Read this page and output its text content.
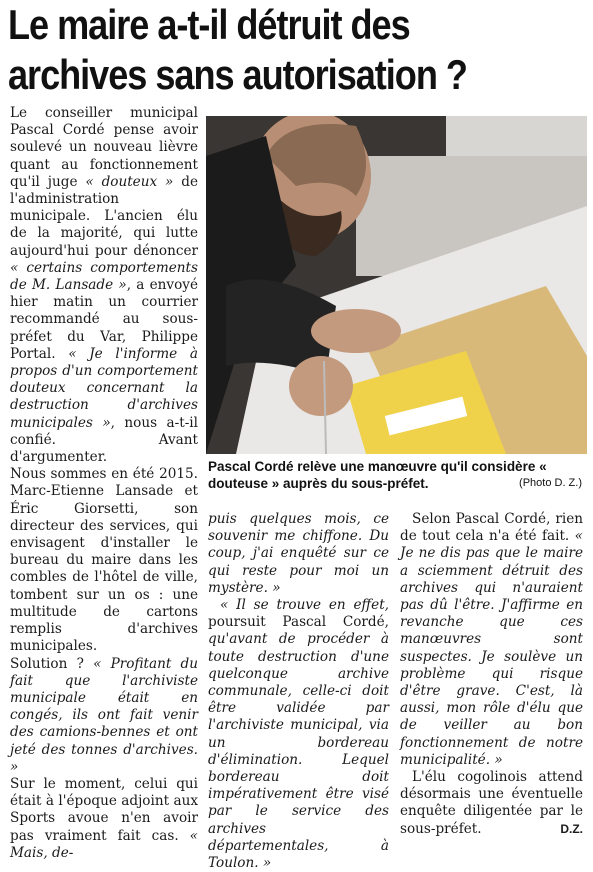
Le maire a-t-il détruit des
archives sans autorisation ?

Le conseiller municipal Pascal Cordé pense avoir soulevé un nouveau lièvre quant au fonctionnement qu'il juge « douteux » de l'administration municipale. L'ancien élu de la majorité, qui lutte aujourd'hui pour dénoncer « certains comportements de M. Lansade », a envoyé hier matin un courrier recommandé au sous-préfet du Var, Philippe Portal. « Je l'informe à propos d'un comportement douteux concernant la destruction d'archives municipales », nous a-t-il confié. Avant d'argumenter.

Nous sommes en été 2015. Marc-Etienne Lansade et Éric Giorsetti, son directeur des services, qui envisagent d'installer le bureau du maire dans les combles de l'hôtel de ville, tombent sur un os : une multitude de cartons remplis d'archives municipales.

Solution ? « Profitant du fait que l'archiviste municipale était en congés, ils ont fait venir des camions-bennes et ont jeté des tonnes d'archives. »

Sur le moment, celui qui était à l'époque adjoint aux Sports avoue n'en avoir pas vraiment fait cas. « Mais, de-

Pascal Cordé relève une manœuvre qu'il considère « douteuse » auprès du sous-préfet.	(Photo D. Z.)

puis quelques mois, ce souvenir me chiffone. Du coup, j'ai enquêté sur ce qui reste pour moi un mystère. »

« Il se trouve en effet, poursuit Pascal Cordé, qu'avant de procéder à toute destruction d'une quelconque archive communale, celle-ci doit être validée par l'archiviste municipal, via un bordereau d'élimination. Lequel bordereau doit impérativement être visé par le service des archives départementales, à Toulon. »

Selon Pascal Cordé, rien de tout cela n'a été fait. « Je ne dis pas que le maire a sciemment détruit des archives qui n'auraient pas dû l'être. J'affirme en revanche que ces manœuvres sont suspectes. Je soulève un problème qui risque d'être grave. C'est, là aussi, mon rôle d'élu que de veiller au bon fonctionnement de notre municipalité. »

L'élu cogolinois attend désormais une éventuelle enquête diligentée par le sous-préfet.	D.Z.
